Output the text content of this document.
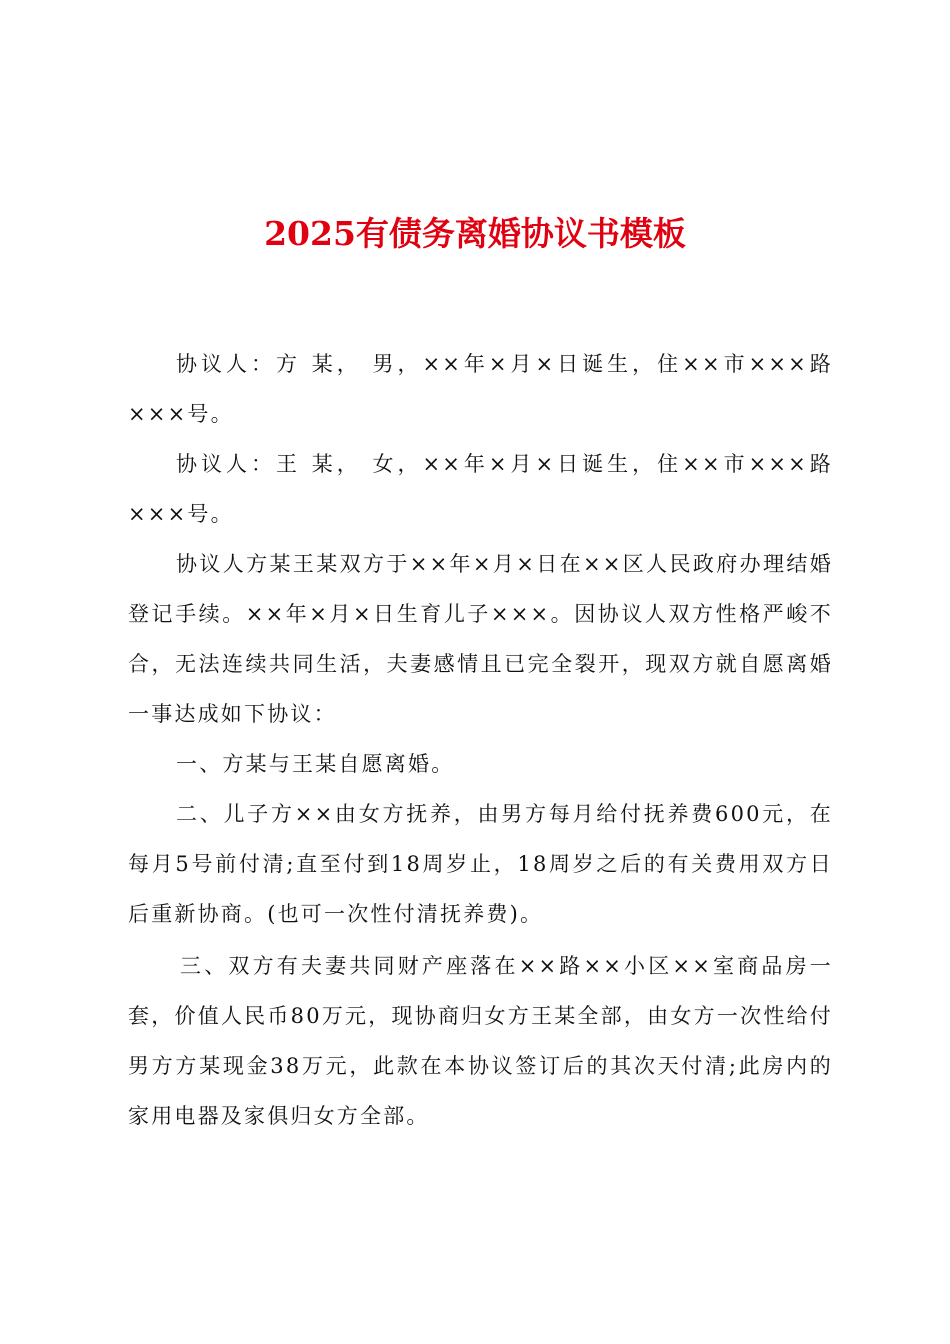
2025有债务离婚协议书模板

协议人：方 某， 男，××年×月×日诞生，住××市×××路×××号。

协议人：王 某， 女，××年×月×日诞生，住××市×××路×××号。

协议人方某王某双方于××年×月×日在××区人民政府办理结婚登记手续。××年×月×日生育儿子×××。因协议人双方性格严峻不合，无法连续共同生活，夫妻感情且已完全裂开，现双方就自愿离婚一事达成如下协议：

一、方某与王某自愿离婚。

二、儿子方××由女方抚养，由男方每月给付抚养费600元，在每月5号前付清;直至付到18周岁止，18周岁之后的有关费用双方日后重新协商。(也可一次性付清抚养费)。

三、双方有夫妻共同财产座落在××路××小区××室商品房一套，价值人民币80万元，现协商归女方王某全部，由女方一次性给付男方方某现金38万元，此款在本协议签订后的其次天付清;此房内的家用电器及家俱归女方全部。
